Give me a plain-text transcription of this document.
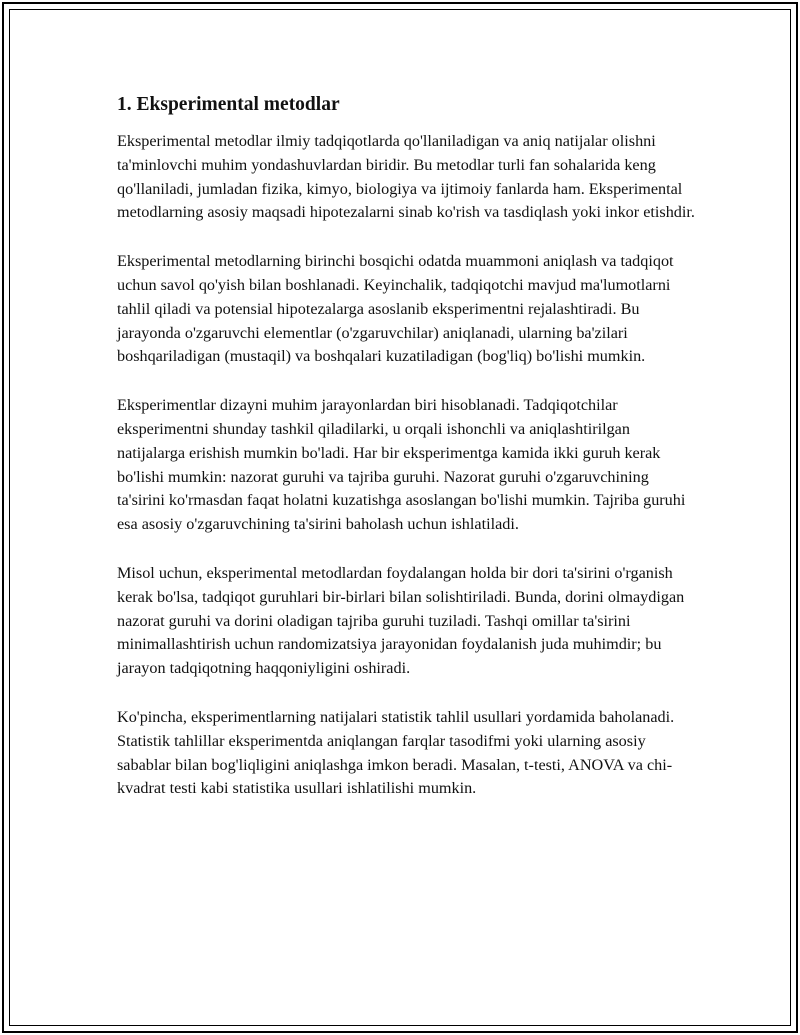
1. Eksperimental metodlar

Eksperimental metodlar ilmiy tadqiqotlarda qo'llaniladigan va aniq natijalar olishni ta'minlovchi muhim yondashuvlardan biridir. Bu metodlar turli fan sohalarida keng qo'llaniladi, jumladan fizika, kimyo, biologiya va ijtimoiy fanlarda ham. Eksperimental metodlarning asosiy maqsadi hipotezalarni sinab ko'rish va tasdiqlash yoki inkor etishdir.

Eksperimental metodlarning birinchi bosqichi odatda muammoni aniqlash va tadqiqot uchun savol qo'yish bilan boshlanadi. Keyinchalik, tadqiqotchi mavjud ma'lumotlarni tahlil qiladi va potensial hipotezalarga asoslanib eksperimentni rejalashtiradi. Bu jarayonda o'zgaruvchi elementlar (o'zgaruvchilar) aniqlanadi, ularning ba'zilari boshqariladigan (mustaqil) va boshqalari kuzatiladigan (bog'liq) bo'lishi mumkin.

Eksperimentlar dizayni muhim jarayonlardan biri hisoblanadi. Tadqiqotchilar eksperimentni shunday tashkil qiladilarki, u orqali ishonchli va aniqlashtirilgan natijalarga erishish mumkin bo'ladi. Har bir eksperimentga kamida ikki guruh kerak bo'lishi mumkin: nazorat guruhi va tajriba guruhi. Nazorat guruhi o'zgaruvchining ta'sirini ko'rmasdan faqat holatni kuzatishga asoslangan bo'lishi mumkin. Tajriba guruhi esa asosiy o'zgaruvchining ta'sirini baholash uchun ishlatiladi.

Misol uchun, eksperimental metodlardan foydalangan holda bir dori ta'sirini o'rganish kerak bo'lsa, tadqiqot guruhlari bir-birlari bilan solishtiriladi. Bunda, dorini olmaydigan nazorat guruhi va dorini oladigan tajriba guruhi tuziladi. Tashqi omillar ta'sirini minimallashtirish uchun randomizatsiya jarayonidan foydalanish juda muhimdir; bu jarayon tadqiqotning haqqoniyligini oshiradi.

Ko'pincha, eksperimentlarning natijalari statistik tahlil usullari yordamida baholanadi. Statistik tahlillar eksperimentda aniqlangan farqlar tasodifmi yoki ularning asosiy sabablar bilan bog'liqligini aniqlashga imkon beradi. Masalan, t-testi, ANOVA va chi-kvadrat testi kabi statistika usullari ishlatilishi mumkin.
